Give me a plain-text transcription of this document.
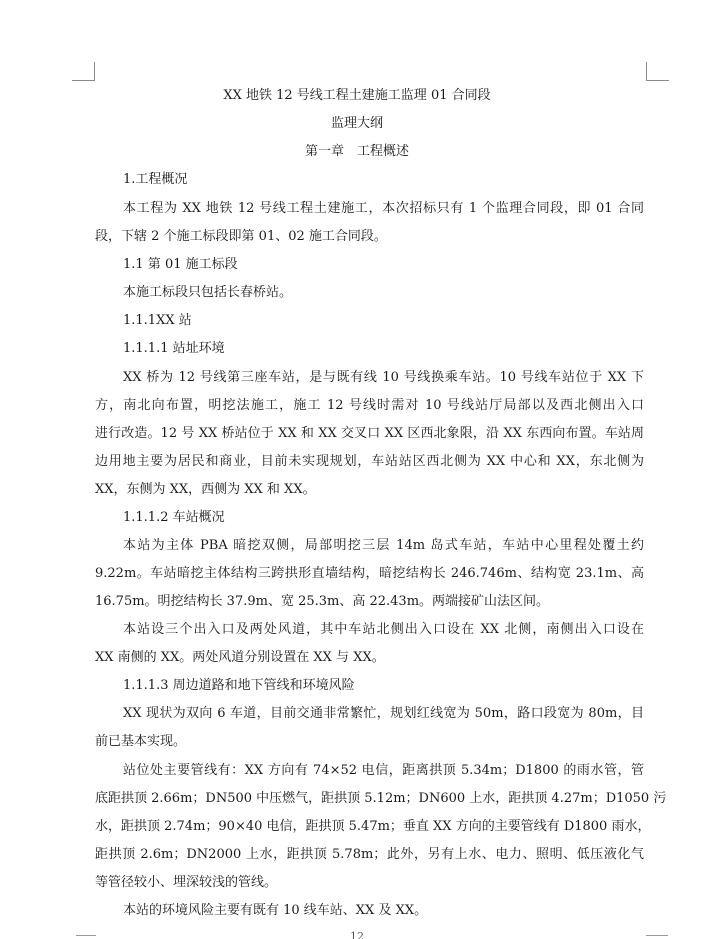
XX 地铁 12 号线工程土建施工监理 01 合同段
监理大纲
第一章　工程概述
1.工程概况
本工程为 XX 地铁 12 号线工程土建施工，本次招标只有 1 个监理合同段，即 01 合同
段，下辖 2 个施工标段即第 01、02 施工合同段。
1.1 第 01 施工标段
本施工标段只包括长春桥站。
1.1.1XX 站
1.1.1.1 站址环境
XX 桥为 12 号线第三座车站，是与既有线 10 号线换乘车站。10 号线车站位于 XX 下
方，南北向布置，明挖法施工，施工 12 号线时需对 10 号线站厅局部以及西北侧出入口
进行改造。12 号 XX 桥站位于 XX 和 XX 交叉口 XX 区西北象限，沿 XX 东西向布置。车站周
边用地主要为居民和商业，目前未实现规划，车站站区西北侧为 XX 中心和 XX，东北侧为
XX，东侧为 XX，西侧为 XX 和 XX。
1.1.1.2 车站概况
本站为主体 PBA 暗挖双侧，局部明挖三层 14m 岛式车站，车站中心里程处覆土约
9.22m。车站暗挖主体结构三跨拱形直墙结构，暗挖结构长 246.746m、结构宽 23.1m、高
16.75m。明挖结构长 37.9m、宽 25.3m、高 22.43m。两端接矿山法区间。
本站设三个出入口及两处风道，其中车站北侧出入口设在 XX 北侧，南侧出入口设在
XX 南侧的 XX。两处风道分别设置在 XX 与 XX。
1.1.1.3 周边道路和地下管线和环境风险
XX 现状为双向 6 车道，目前交通非常繁忙，规划红线宽为 50m，路口段宽为 80m，目
前已基本实现。
站位处主要管线有：XX 方向有 74×52 电信，距离拱顶 5.34m；D1800 的雨水管，管
底距拱顶 2.66m；DN500 中压燃气，距拱顶 5.12m；DN600 上水，距拱顶 4.27m；D1050 污
水，距拱顶 2.74m；90×40 电信，距拱顶 5.47m；垂直 XX 方向的主要管线有 D1800 雨水，
距拱顶 2.6m；DN2000 上水，距拱顶 5.78m；此外，另有上水、电力、照明、低压液化气
等管径较小、埋深较浅的管线。
本站的环境风险主要有既有 10 线车站、XX 及 XX。
12
